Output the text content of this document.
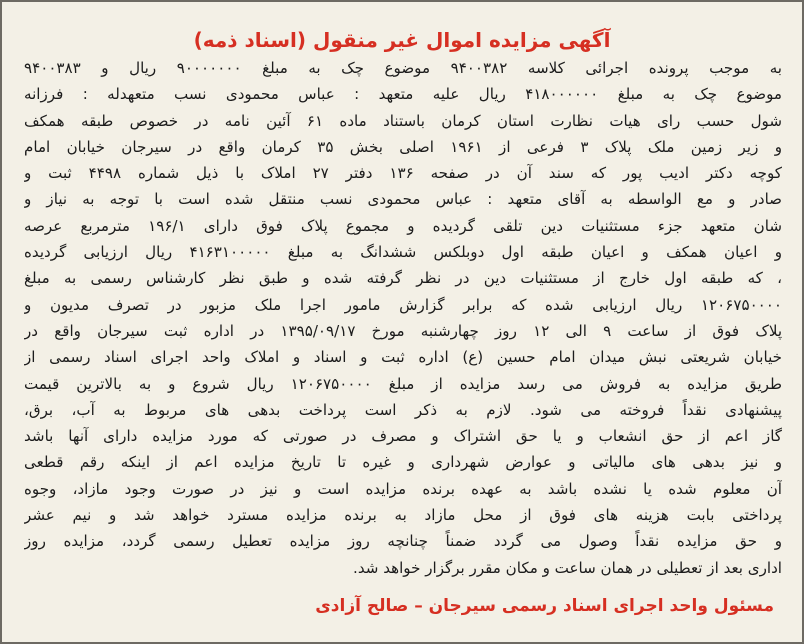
آگهی مزایده اموال غیر منقول (اسناد ذمه)
به موجب پرونده اجرائی کلاسه ۹۴۰۰۳۸۲ موضوع چک به مبلغ ۹۰۰۰۰۰۰۰ ریال و ۹۴۰۰۳۸۳
موضوع چک به مبلغ ۴۱۸۰۰۰۰۰۰ ریال علیه متعهد : عباس محمودی نسب متعهدله : فرزانه
شول حسب رای هیات نظارت استان کرمان باستناد ماده ۶۱ آئین نامه در خصوص طبقه همکف
و زیر زمین ملک پلاک ۳ فرعی از ۱۹۶۱ اصلی بخش ۳۵ کرمان واقع در سیرجان خیابان امام
کوچه دکتر ادیب پور که سند آن در صفحه ۱۳۶ دفتر ۲۷ املاک با ذیل شماره ۴۴۹۸ ثبت و
صادر و مع الواسطه به آقای متعهد : عباس محمودی نسب منتقل شده است با توجه به نیاز و
شان متعهد جزء مستثنیات دین تلقی گردیده و مجموع پلاک فوق دارای ۱۹۶/۱ مترمربع عرصه
و اعیان همکف و اعیان طبقه اول دوبلکس ششدانگ به مبلغ ۴۱۶۳۱۰۰۰۰۰ ریال ارزیابی گردیده
، که طبقه اول خارج از مستثنیات دین در نظر گرفته شده و طبق نظر کارشناس رسمی به مبلغ
۱۲۰۶۷۵۰۰۰۰ ریال ارزیابی شده که برابر گزارش مامور اجرا ملک مزبور در تصرف مدیون و
پلاک فوق از ساعت ۹ الی ۱۲ روز چهارشنبه مورخ ۱۳۹۵/۰۹/۱۷ در اداره ثبت سیرجان واقع در
خیابان شریعتی نبش میدان امام حسین (ع) اداره ثبت و اسناد و املاک واحد اجرای اسناد رسمی از
طریق مزایده به فروش می رسد مزایده از مبلغ ۱۲۰۶۷۵۰۰۰۰ ریال شروع و به بالاترین قیمت
پیشنهادی نقداً فروخته می شود. لازم به ذکر است پرداخت بدهی های مربوط به آب، برق،
گاز اعم از حق انشعاب و یا حق اشتراک و مصرف در صورتی که مورد مزایده دارای آنها باشد
و نیز بدهی های مالیاتی و عوارض شهرداری و غیره تا تاریخ مزایده اعم از اینکه رقم قطعی
آن معلوم شده یا نشده باشد به عهده برنده مزایده است و نیز در صورت وجود مازاد، وجوه
پرداختی بابت هزینه های فوق از محل مازاد به برنده مزایده مسترد خواهد شد و نیم عشر
و حق مزایده نقداً وصول می گردد ضمناً چنانچه روز مزایده تعطیل رسمی گردد، مزایده روز
اداری بعد از تعطیلی در همان ساعت و مکان مقرر برگزار خواهد شد.

مسئول واحد اجرای اسناد رسمی سیرجان – صالح آزادی
